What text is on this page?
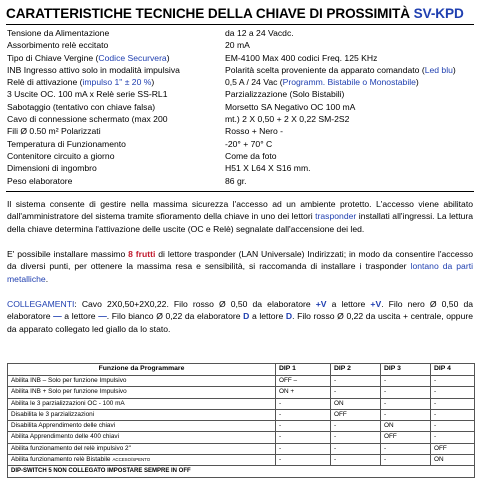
CARATTERISTICHE TECNICHE DELLA CHIAVE DI PROSSIMITÀ SV-KPD
Tensione da Alimentazione	da 12 a 24 Vacdc.
Assorbimento relè eccitato	20 mA
Tipo di Chiave Vergine (Codice Securvera)	EM-4100 Max 400 codici Freq. 125 KHz
INB Ingresso attivo solo in modalità impulsiva	Polarità scelta proveniente da apparato comandato (Led blu)
Relè di attivazione (impulso 1" ± 20 %)	0,5 A / 24 Vac (Programm. Bistabile o Monostabile)
3 Uscite OC. 100 mA x Relè serie SS-RL1	Parzializzazione (Solo Bistabili)
Sabotaggio (tentativo con chiave falsa)	Morsetto SA Negativo OC 100 mA
Cavo di connessione schermato (max 200	mt.) 2 X 0,50 + 2 X 0,22 SM-2S2
Fili Ø 0.50 m² Polarizzati	Rosso + Nero -
Temperatura di Funzionamento	-20° + 70° C
Contenitore circuito a giorno	Come da foto
Dimensioni di ingombro	H51 X L64 X S16 mm.
Peso elaboratore	86 gr.
Il sistema consente di gestire nella massima sicurezza l'accesso ad un ambiente protetto. L'accesso viene abilitato dall'amministratore del sistema tramite sfioramento della chiave in uno dei lettori trasponder installati all'ingressi. La lettura della chiave determina l'attivazione delle uscite (OC e Relè) segnalate dall'accensione dei led.
E' possibile installare massimo 8 frutti di lettore trasponder (LAN Universale) Indirizzati; in modo da consentire l'accesso da diversi punti, per ottenere la massima resa e sensibilità, si raccomanda di installare i trasponder lontano da parti metalliche.
COLLEGAMENTI: Cavo 2X0,50+2X0,22. Filo rosso Ø 0,50 da elaboratore +V a lettore +V. Filo nero Ø 0,50 da elaboratore — a lettore —. Filo bianco Ø 0,22 da elaboratore D a lettore D. Filo rosso Ø 0,22 da uscita + centrale, oppure da apparato collegato led giallo da lo stato.
Funzione da Programmare	DIP 1	DIP 2	DIP 3	DIP 4
Abilita INB – Solo per funzione Impulsivo	OFF –	-	-	-
Abilita INB + Solo per funzione Impulsivo	ON +	-	-	-
Abilita le 3 parzializzazioni OC - 100 mA	-	ON	-	-
Disabilita le 3 parzializzazioni	-	OFF	-	-
Disabilita Apprendimento delle chiavi	-	-	ON	-
Abilita Apprendimento delle 400 chiavi	-	-	OFF	-
Abilita funzionamento del relè impulsivo 2"	-	-	-	OFF
Abilita funzionamento relè Bistabile ACCESO/SPENTO	-	-	-	ON
DIP-SWITCH 5 NON COLLEGATO IMPOSTARE SEMPRE IN OFF				
